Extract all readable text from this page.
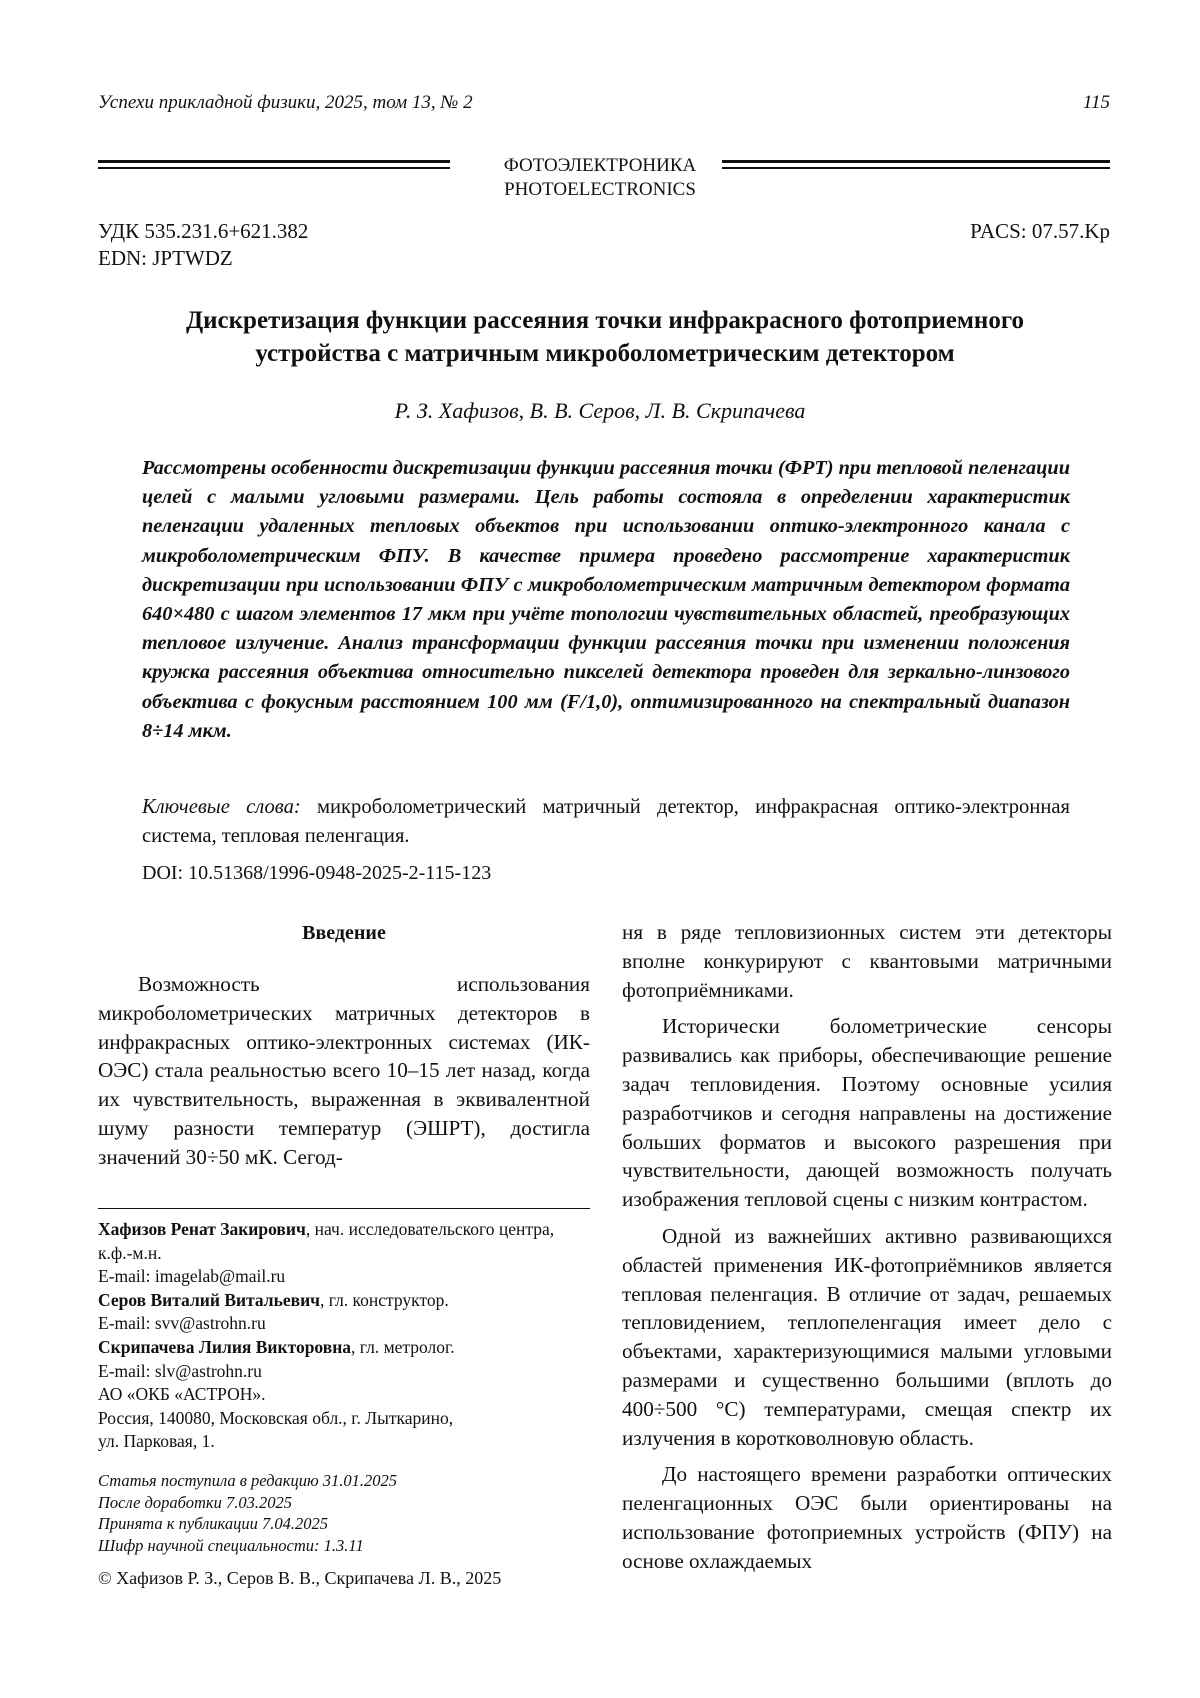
Успехи прикладной физики, 2025, том 13, № 2	115
ФОТОЭЛЕКТРОНИКА
PHOTOELECTRONICS
УДК 535.231.6+621.382
EDN: JPTWDZ
PACS: 07.57.Kp
Дискретизация функции рассеяния точки инфракрасного фотоприемного
устройства с матричным микроболометрическим детектором
Р. З. Хафизов, В. В. Серов, Л. В. Скрипачева
Рассмотрены особенности дискретизации функции рассеяния точки (ФРТ) при тепловой пеленгации целей с малыми угловыми размерами. Цель работы состояла в определении характеристик пеленгации удаленных тепловых объектов при использовании оптико-электронного канала с микроболометрическим ФПУ. В качестве примера проведено рассмотрение характеристик дискретизации при использовании ФПУ с микроболометрическим матричным детектором формата 640×480 с шагом элементов 17 мкм при учёте топологии чувствительных областей, преобразующих тепловое излучение. Анализ трансформации функции рассеяния точки при изменении положения кружка рассеяния объектива относительно пикселей детектора проведен для зеркально-линзового объектива с фокусным расстоянием 100 мм (F/1,0), оптимизированного на спектральный диапазон 8÷14 мкм.
Ключевые слова: микроболометрический матричный детектор, инфракрасная оптико-электронная система, тепловая пеленгация.
DOI: 10.51368/1996-0948-2025-2-115-123
Введение

Возможность использования микроболометрических матричных детекторов в инфракрасных оптико-электронных системах (ИК-ОЭС) стала реальностью всего 10–15 лет назад, когда их чувствительность, выраженная в эквивалентной шуму разности температур (ЭШРТ), достигла значений 30÷50 мК. Сегод-

ня в ряде тепловизионных систем эти детекторы вполне конкурируют с квантовыми матричными фотоприёмниками.

Исторически болометрические сенсоры развивались как приборы, обеспечивающие решение задач тепловидения. Поэтому основные усилия разработчиков и сегодня направлены на достижение больших форматов и высокого разрешения при чувствительности, дающей возможность получать изображения тепловой сцены с низким контрастом.

Одной из важнейших активно развивающихся областей применения ИК-фотоприёмников является тепловая пеленгация. В отличие от задач, решаемых тепловидением, теплопеленгация имеет дело с объектами, характеризующимися малыми угловыми размерами и существенно большими (вплоть до 400÷500 °С) температурами, смещая спектр их излучения в коротковолновую область.

До настоящего времени разработки оптических пеленгационных ОЭС были ориентированы на использование фотоприемных устройств (ФПУ) на основе охлаждаемых

Хафизов Ренат Закирович, нач. исследовательского центра, к.ф.-м.н.
E-mail: imagelab@mail.ru
Серов Виталий Витальевич, гл. конструктор.
E-mail: svv@astrohn.ru
Скрипачева Лилия Викторовна, гл. метролог.
E-mail: slv@astrohn.ru
АО «ОКБ «АСТРОН».
Россия, 140080, Московская обл., г. Лыткарино,
ул. Парковая, 1.
Статья поступила в редакцию 31.01.2025
После доработки 7.03.2025
Принята к публикации 7.04.2025
Шифр научной специальности: 1.3.11
© Хафизов Р. З., Серов В. В., Скрипачева Л. В., 2025
